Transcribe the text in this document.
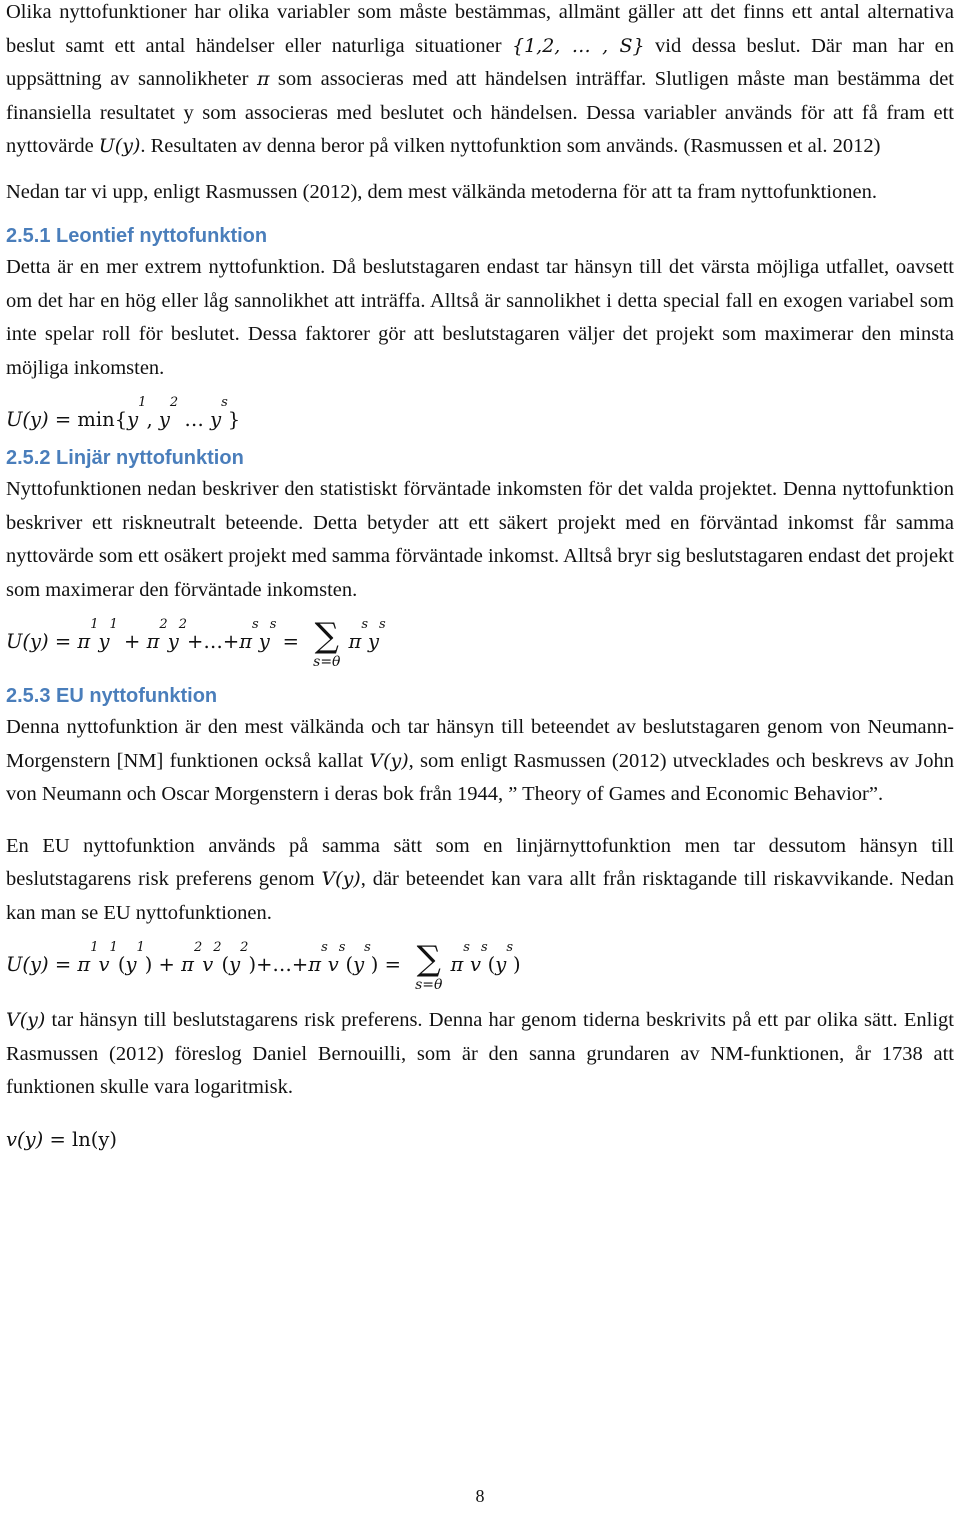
Olika nyttofunktioner har olika variabler som måste bestämmas, allmänt gäller att det finns ett antal alternativa beslut samt ett antal händelser eller naturliga situationer {1,2, … , S} vid dessa beslut. Där man har en uppsättning av sannolikheter π som associeras med att händelsen inträffar. Slutligen måste man bestämma det finansiella resultatet y som associeras med beslutet och händelsen. Dessa variabler används för att få fram ett nyttovärde U(y). Resultaten av denna beror på vilken nyttofunktion som används. (Rasmussen et al. 2012)

Nedan tar vi upp, enligt Rasmussen (2012), dem mest välkända metoderna för att ta fram nyttofunktionen.

2.5.1 Leontief nyttofunktion

Detta är en mer extrem nyttofunktion. Då beslutstagaren endast tar hänsyn till det värsta möjliga utfallet, oavsett om det har en hög eller låg sannolikhet att inträffa. Alltså är sannolikhet i detta special fall en exogen variabel som inte spelar roll för beslutet. Dessa faktorer gör att beslutstagaren väljer det projekt som maximerar den minsta möjliga inkomsten.

U(y) = min{ y
1
, y
2
… y
s
}
2.5.2 Linjär nyttofunktion

Nyttofunktionen nedan beskriver den statistiskt förväntade inkomsten för det valda projektet. Denna nyttofunktion beskriver ett riskneutralt beteende. Detta betyder att ett säkert projekt med en förväntad inkomst får samma nyttovärde som ett osäkert projekt med samma förväntade inkomst. Alltså bryr sig beslutstagaren endast det projekt som maximerar den förväntade inkomsten.

U(y) = π
1
y
1
+ π
2
y
2
+…+ π
s
y
s
= ∑
s=θ
π
s
y
s
2.5.3 EU nyttofunktion

Denna nyttofunktion är den mest välkända och tar hänsyn till beteendet av beslutstagaren genom von Neumann-Morgenstern [NM] funktionen också kallat V(y), som enligt Rasmussen (2012) utvecklades och beskrevs av John von Neumann och Oscar Morgenstern i deras bok från 1944, ” Theory of Games and Economic Behavior”.

En EU nyttofunktion används på samma sätt som en linjärnyttofunktion men tar dessutom hänsyn till beslutstagarens risk preferens genom V(y), där beteendet kan vara allt från risktagande till riskavvikande. Nedan kan man se EU nyttofunktionen.

U(y) = π
1
v
1
( y
1
) + π
2
v
2
( y
2
) +…+ π
s
v
s
( y
s
) = ∑
s=θ
π
s
v
s
( y
s
)

V(y) tar hänsyn till beslutstagarens risk preferens. Denna har genom tiderna beskrivits på ett par olika sätt. Enligt Rasmussen (2012) föreslog Daniel Bernouilli, som är den sanna grundaren av NM-funktionen, år 1738 att funktionen skulle vara logaritmisk.

v(y) = ln(y)
8
